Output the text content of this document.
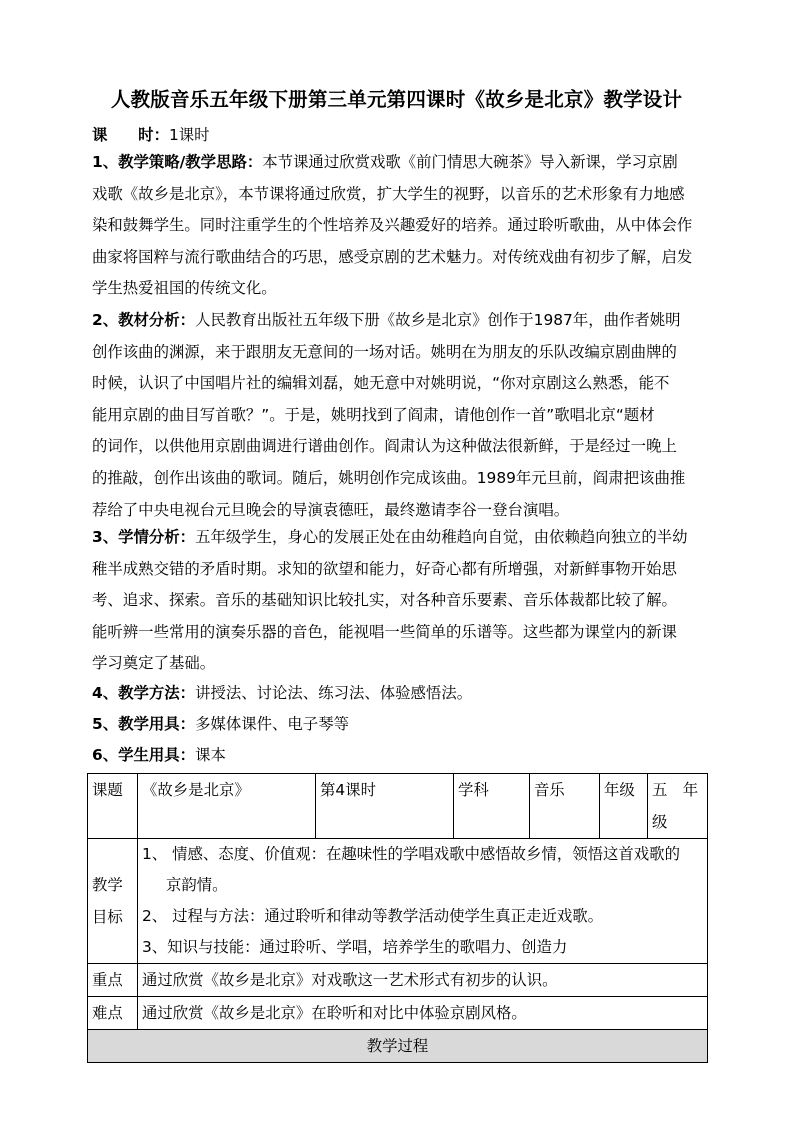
人教版音乐五年级下册第三单元第四课时《故乡是北京》教学设计
课　　时：1课时
1、教学策略/教学思路：本节课通过欣赏戏歌《前门情思大碗茶》导入新课，学习京剧
戏歌《故乡是北京》，本节课将通过欣赏，扩大学生的视野，以音乐的艺术形象有力地感
染和鼓舞学生。同时注重学生的个性培养及兴趣爱好的培养。通过聆听歌曲，从中体会作
曲家将国粹与流行歌曲结合的巧思，感受京剧的艺术魅力。对传统戏曲有初步了解，启发
学生热爱祖国的传统文化。
2、教材分析：人民教育出版社五年级下册《故乡是北京》创作于1987年，曲作者姚明
创作该曲的渊源，来于跟朋友无意间的一场对话。姚明在为朋友的乐队改编京剧曲牌的
时候，认识了中国唱片社的编辑刘磊，她无意中对姚明说，“你对京剧这么熟悉，能不
能用京剧的曲目写首歌？”。于是，姚明找到了阎肃，请他创作一首”歌唱北京“题材
的词作，以供他用京剧曲调进行谱曲创作。阎肃认为这种做法很新鲜，于是经过一晚上
的推敲，创作出该曲的歌词。随后，姚明创作完成该曲。1989年元旦前，阎肃把该曲推
荐给了中央电视台元旦晚会的导演袁德旺，最终邀请李谷一登台演唱。
3、学情分析：五年级学生，身心的发展正处在由幼稚趋向自觉，由依赖趋向独立的半幼
稚半成熟交错的矛盾时期。求知的欲望和能力，好奇心都有所增强，对新鲜事物开始思
考、追求、探索。音乐的基础知识比较扎实，对各种音乐要素、音乐体裁都比较了解。
能听辨一些常用的演奏乐器的音色，能视唱一些简单的乐谱等。这些都为课堂内的新课
学习奠定了基础。
4、教学方法：讲授法、讨论法、练习法、体验感悟法。
5、教学用具：多媒体课件、电子琴等
6、学生用具：课本
课题	《故乡是北京》	第4课时	学科	音乐	年级	五　年
级

教学
目标	1、 情感、态度、价值观：在趣味性的学唱戏歌中感悟故乡情，领悟这首戏歌的
京韵情。
2、 过程与方法：通过聆听和律动等教学活动使学生真正走近戏歌。
3、知识与技能：通过聆听、学唱，培养学生的歌唱力、创造力					

重点	通过欣赏《故乡是北京》对戏歌这一艺术形式有初步的认识。					
难点	通过欣赏《故乡是北京》在聆听和对比中体验京剧风格。					
教学过程						
